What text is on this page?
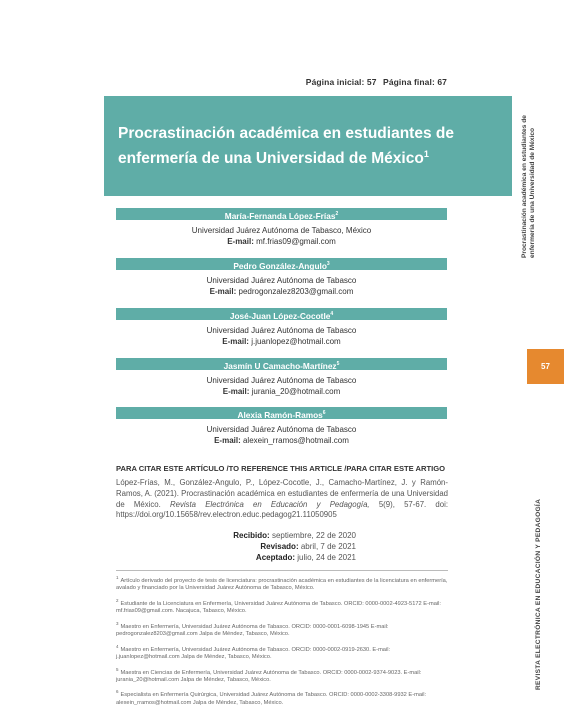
Página inicial: 57 Página final: 67
Procrastinación académica en estudiantes de
enfermería de una Universidad de México$^1$
María-Fernanda López-Frías$^2$
Universidad Juárez Autónoma de Tabasco, México
E-mail: mf.frias09@gmail.com
Pedro González-Angulo$^3$
Universidad Juárez Autónoma de Tabasco
E-mail: pedrogonzalez8203@gmail.com
José-Juan López-Cocotle$^4$
Universidad Juárez Autónoma de Tabasco
E-mail: j.juanlopez@hotmail.com
Jasmín U Camacho-Martínez$^5$
Universidad Juárez Autónoma de Tabasco
E-mail: jurania_20@hotmail.com
Alexia Ramón-Ramos$^6$
Universidad Juárez Autónoma de Tabasco
E-mail: alexein_rramos@hotmail.com
PARA CITAR ESTE ARTÍCULO /TO REFERENCE THIS ARTICLE /PARA CITAR ESTE ARTIGO
López-Frías, M., González-Angulo, P., López-Cocotle, J., Camacho-Martínez, J. y Ramón-Ramos, A. (2021). Procrastinación académica en estudiantes de enfermería de una Universidad de México. Revista Electrónica en Educación y Pedagogía, 5(9), 57-67. doi: https://doi.org/10.15658/rev.electron.educ.pedagog21.11050905
Recibido: septiembre, 22 de 2020
Revisado: abril, 7 de 2021
Aceptado: julio, 24 de 2021
$^1$Artículo derivado del proyecto de tesis de licenciatura: procrastinación académica en estudiantes de la licenciatura en enfermería, avalado y financiado por la Universidad Juárez Autónoma de Tabasco, México.
$^2$Estudiante de la Licenciatura en Enfermería, Universidad Juárez Autónoma de Tabasco. ORCID: 0000-0002-4923-5172 E-mail: mf.frias09@gmail.com. Nacajuca, Tabasco, México.
$^3$Maestro en Enfermería, Universidad Juárez Autónoma de Tabasco. ORCID: 0000-0001-6098-1945 E-mail: pedrogonzalez8203@gmail.com Jalpa de Méndez, Tabasco, México.
$^4$Maestro en Enfermería, Universidad Juárez Autónoma de Tabasco. ORCID: 0000-0002-0919-2630. E-mail: j.juanlopez@hotmail.com Jalpa de Méndez, Tabasco, México.
$^5$Maestra en Ciencias de Enfermería, Universidad Juárez Autónoma de Tabasco. ORCID: 0000-0002-9374-9023. E-mail: jurania_20@hotmail.com Jalpa de Méndez, Tabasco, México.
$^6$Especialista en Enfermería Quirúrgica, Universidad Juárez Autónoma de Tabasco. ORCID: 0000-0002-3308-9932 E-mail: alexein_rramos@hotmail.com Jalpa de Méndez, Tabasco, México.
Procrastinación académica en estudiantes de enfermería de una Universidad de México
57
REVISTA ELECTRÓNICA EN EDUCACIÓN Y PEDAGOGÍA
